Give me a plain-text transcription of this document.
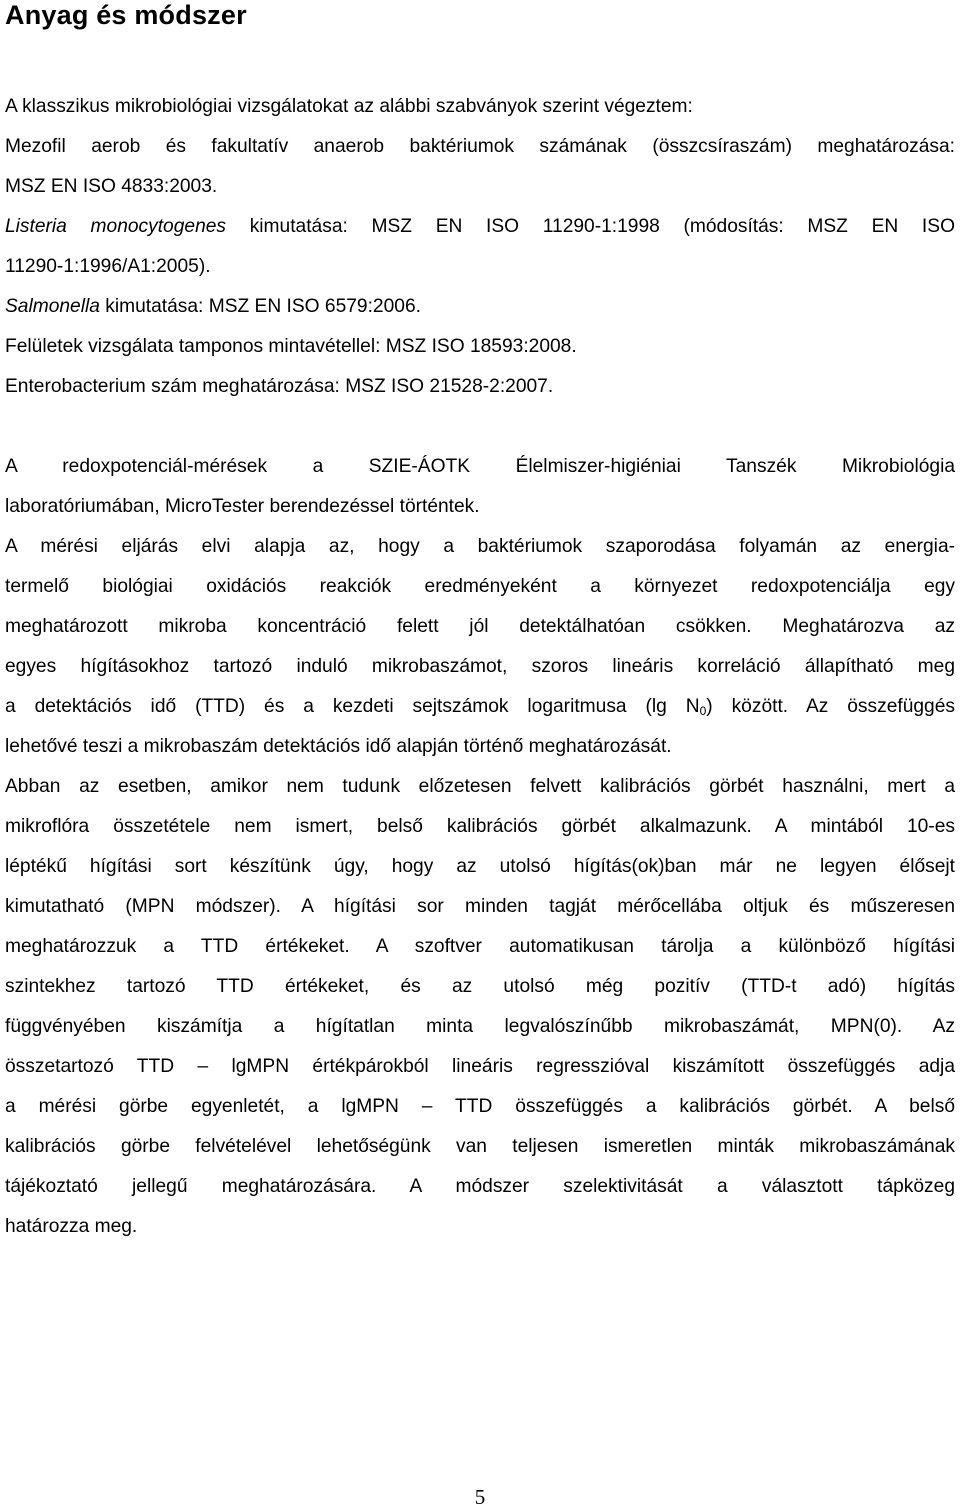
Anyag és módszer
A klasszikus mikrobiológiai vizsgálatokat az alábbi szabványok szerint végeztem:
Mezofil aerob és fakultatív anaerob baktériumok számának (összcsíraszám) meghatározása:
MSZ EN ISO 4833:2003.
Listeria monocytogenes kimutatása: MSZ EN ISO 11290-1:1998 (módosítás: MSZ EN ISO
11290-1:1996/A1:2005).
Salmonella kimutatása: MSZ EN ISO 6579:2006.
Felületek vizsgálata tamponos mintavétellel: MSZ ISO 18593:2008.
Enterobacterium szám meghatározása: MSZ ISO 21528-2:2007.
A redoxpotenciál-mérések a SZIE-ÁOTK Élelmiszer-higiéniai Tanszék Mikrobiológia
laboratóriumában, MicroTester berendezéssel történtek.
A mérési eljárás elvi alapja az, hogy a baktériumok szaporodása folyamán az energia-
termelő biológiai oxidációs reakciók eredményeként a környezet redoxpotenciálja egy
meghatározott mikroba koncentráció felett jól detektálhatóan csökken. Meghatározva az
egyes hígításokhoz tartozó induló mikrobaszámot, szoros lineáris korreláció állapítható meg
a detektációs idő (TTD) és a kezdeti sejtszámok logaritmusa (lg $N_0$) között. Az összefüggés
lehetővé teszi a mikrobaszám detektációs idő alapján történő meghatározását.
Abban az esetben, amikor nem tudunk előzetesen felvett kalibrációs görbét használni, mert a
mikroflóra összetétele nem ismert, belső kalibrációs görbét alkalmazunk. A mintából 10-es
léptékű hígítási sort készítünk úgy, hogy az utolsó hígítás(ok)ban már ne legyen élősejt
kimutatható (MPN módszer). A hígítási sor minden tagját mérőcellába oltjuk és műszeresen
meghatározzuk a TTD értékeket. A szoftver automatikusan tárolja a különböző hígítási
szintekhez tartozó TTD értékeket, és az utolsó még pozitív (TTD-t adó) hígítás
függvényében kiszámítja a hígítatlan minta legvalószínűbb mikrobaszámát, MPN(0). Az
összetartozó TTD – lgMPN értékpárokból lineáris regresszióval kiszámított összefüggés adja
a mérési görbe egyenletét, a lgMPN – TTD összefüggés a kalibrációs görbét. A belső
kalibrációs görbe felvételével lehetőségünk van teljesen ismeretlen minták mikrobaszámának
tájékoztató jellegű meghatározására. A módszer szelektivitását a választott tápközeg
határozza meg.
5
